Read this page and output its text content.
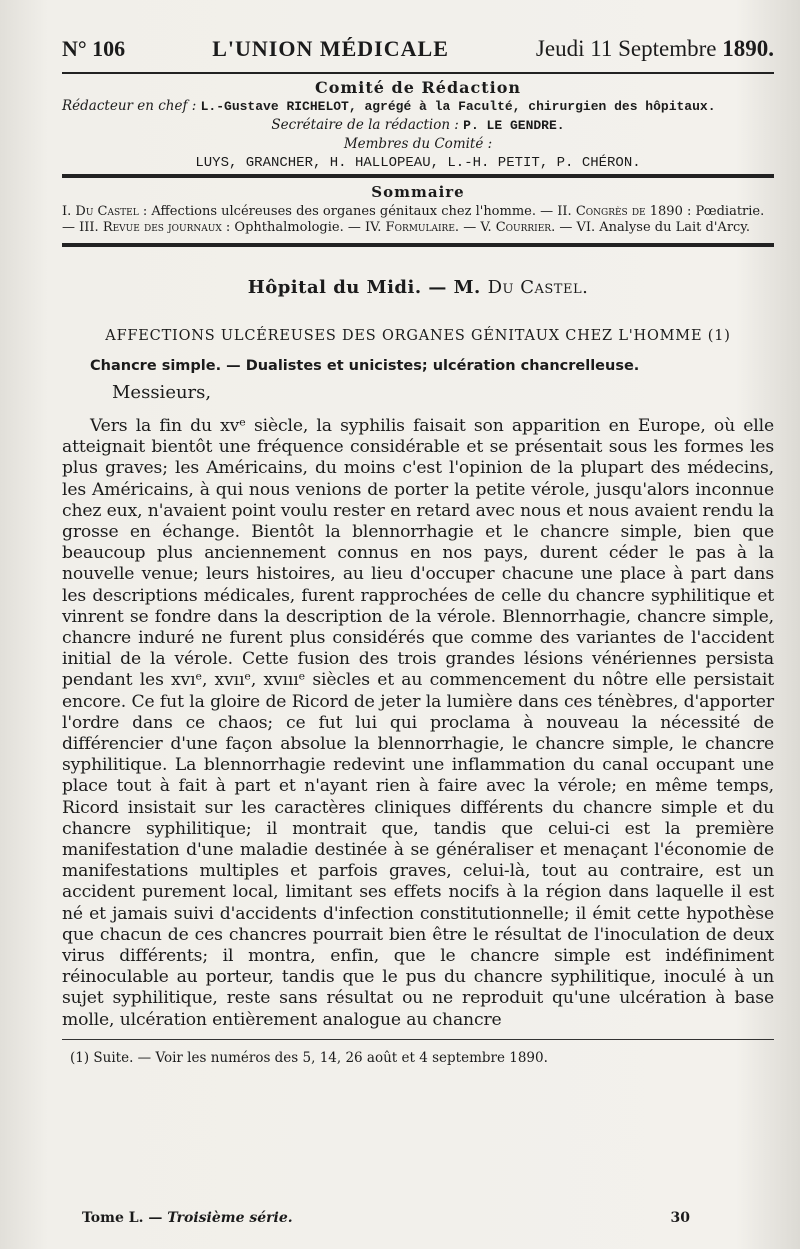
N° 106	L'UNION MÉDICALE	Jeudi 11 Septembre 1890.
Comité de Rédaction
Rédacteur en chef : L.-Gustave RICHELOT, agrégé à la Faculté, chirurgien des hôpitaux.
Secrétaire de la rédaction : P. LE GENDRE.
Membres du Comité :
LUYS, GRANCHER, H. HALLOPEAU, L.-H. PETIT, P. CHÉRON.
Sommaire
I. Du Castel : Affections ulcéreuses des organes génitaux chez l'homme. — II. Congrès de 1890 : Pœdiatrie. — III. Revue des journaux : Ophthalmologie. — IV. Formulaire. — V. Courrier. — VI. Analyse du Lait d'Arcy.
Hôpital du Midi. — M. Du Castel.
AFFECTIONS ULCÉREUSES DES ORGANES GÉNITAUX CHEZ L'HOMME (1)
Chancre simple. — Dualistes et unicistes; ulcération chancrelleuse.
Messieurs,

Vers la fin du xvᵉ siècle, la syphilis faisait son apparition en Europe, où elle atteignait bientôt une fréquence considérable et se présentait sous les formes les plus graves; les Américains, du moins c'est l'opinion de la plupart des médecins, les Américains, à qui nous venions de porter la petite vérole, jusqu'alors inconnue chez eux, n'avaient point voulu rester en retard avec nous et nous avaient rendu la grosse en échange. Bientôt la blennorrhagie et le chancre simple, bien que beaucoup plus anciennement connus en nos pays, durent céder le pas à la nouvelle venue; leurs histoires, au lieu d'occuper chacune une place à part dans les descriptions médicales, furent rapprochées de celle du chancre syphilitique et vinrent se fondre dans la description de la vérole. Blennorrhagie, chancre simple, chancre induré ne furent plus considérés que comme des variantes de l'accident initial de la vérole. Cette fusion des trois grandes lésions vénériennes persista pendant les xvıᵉ, xvııᵉ, xvıııᵉ siècles et au commencement du nôtre elle persistait encore. Ce fut la gloire de Ricord de jeter la lumière dans ces ténèbres, d'apporter l'ordre dans ce chaos; ce fut lui qui proclama à nouveau la nécessité de différencier d'une façon absolue la blennorrhagie, le chancre simple, le chancre syphilitique. La blennorrhagie redevint une inflammation du canal occupant une place tout à fait à part et n'ayant rien à faire avec la vérole; en même temps, Ricord insistait sur les caractères cliniques différents du chancre simple et du chancre syphilitique; il montrait que, tandis que celui-ci est la première manifestation d'une maladie destinée à se généraliser et menaçant l'économie de manifestations multiples et parfois graves, celui-là, tout au contraire, est un accident purement local, limitant ses effets nocifs à la région dans laquelle il est né et jamais suivi d'accidents d'infection constitutionnelle; il émit cette hypothèse que chacun de ces chancres pourrait bien être le résultat de l'inoculation de deux virus différents; il montra, enfin, que le chancre simple est indéfiniment réinoculable au porteur, tandis que le pus du chancre syphilitique, inoculé à un sujet syphilitique, reste sans résultat ou ne reproduit qu'une ulcération à base molle, ulcération entièrement analogue au chancre

(1) Suite. — Voir les numéros des 5, 14, 26 août et 4 septembre 1890.
Tome L. — Troisième série.	30
